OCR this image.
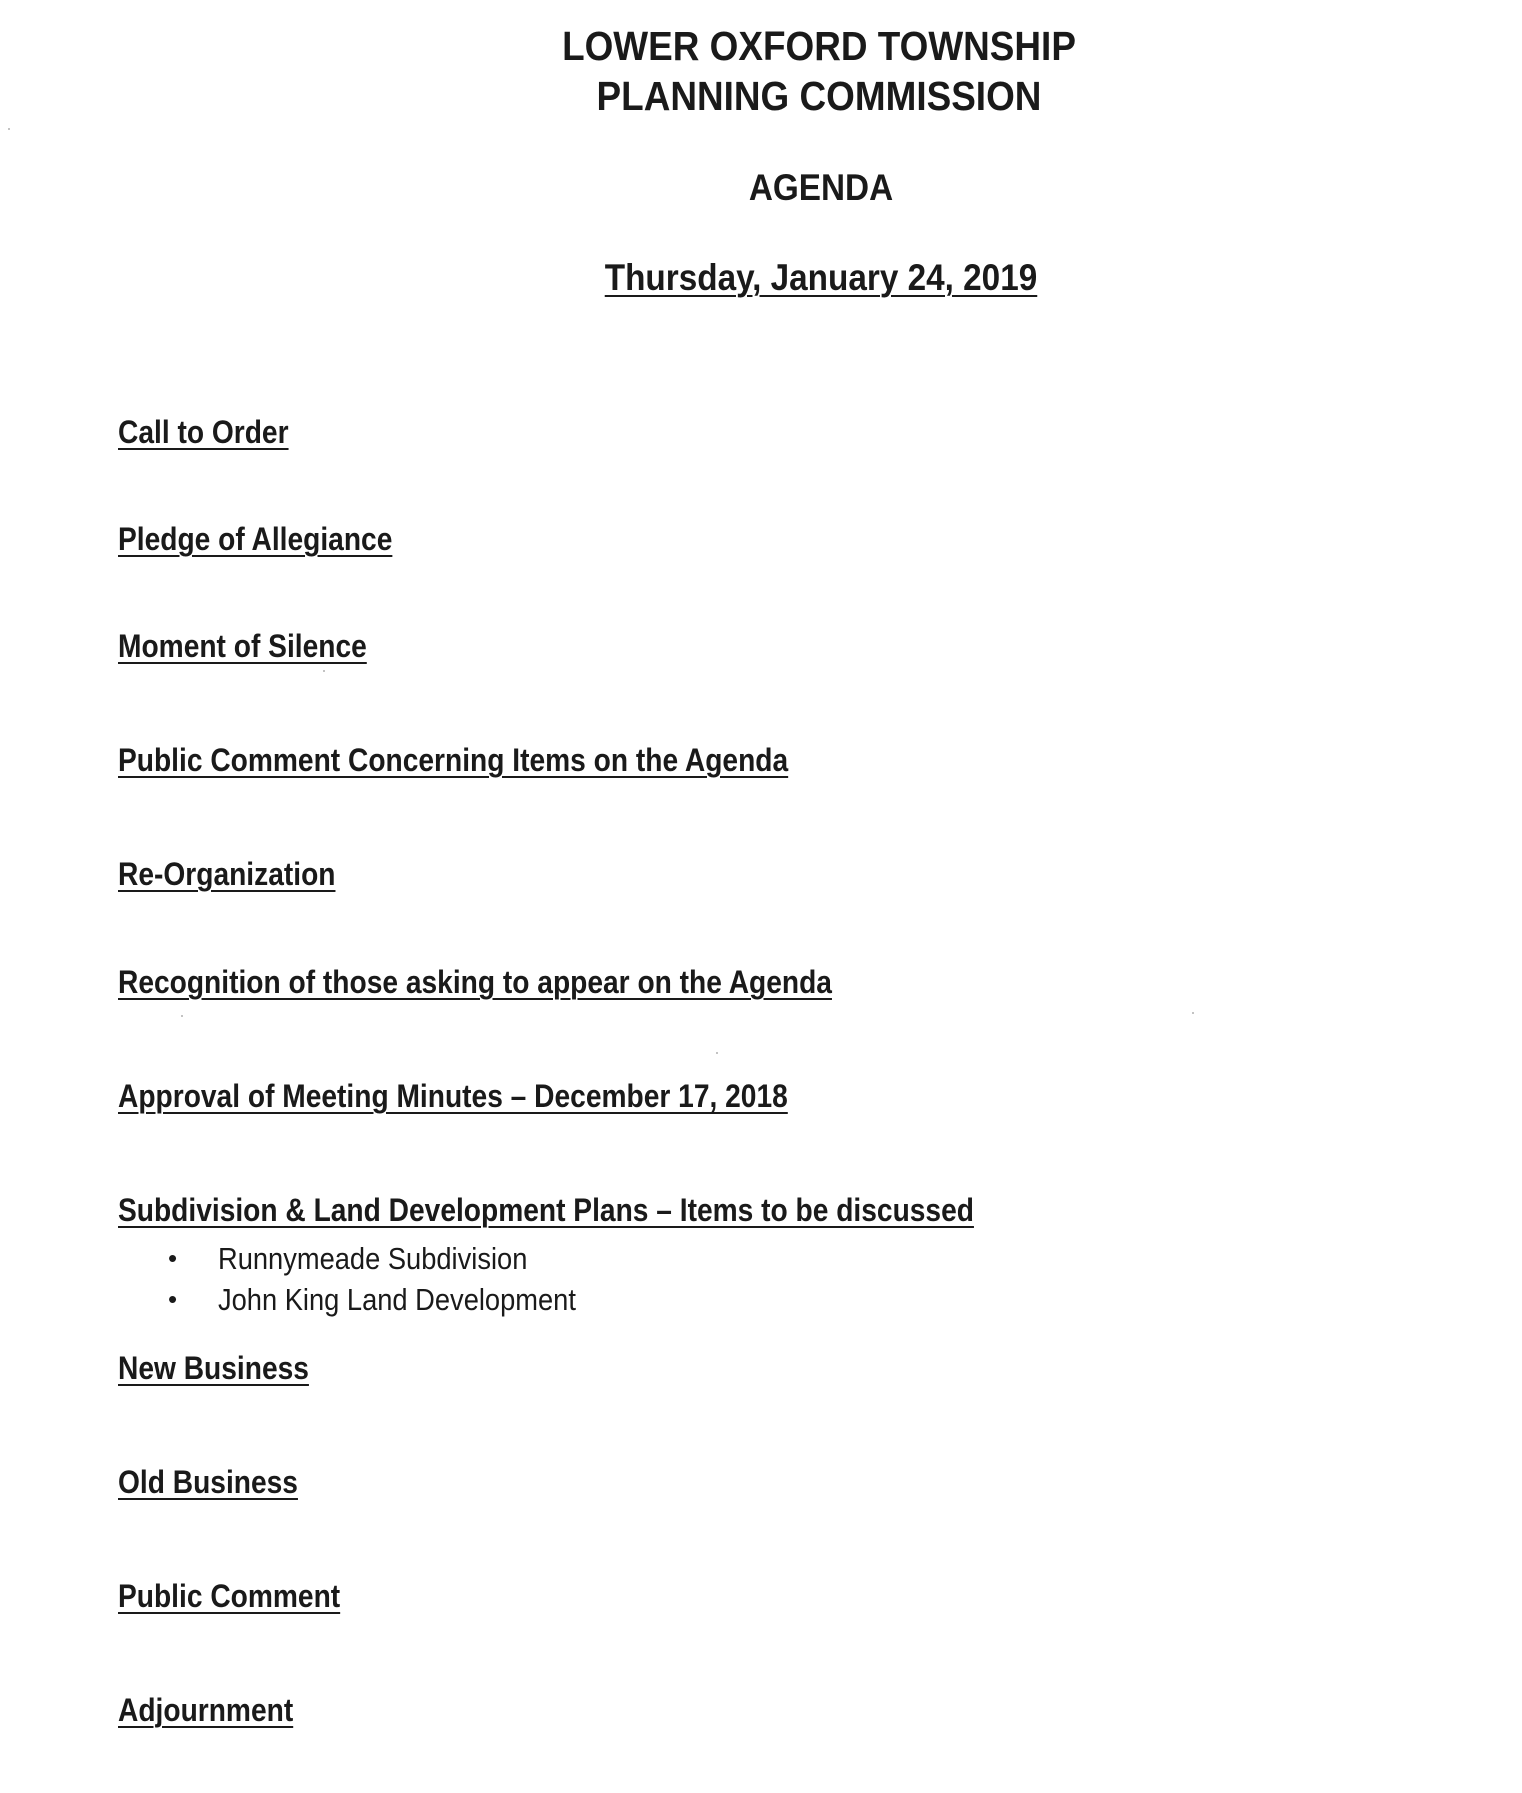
LOWER OXFORD TOWNSHIP
PLANNING COMMISSION
AGENDA
Thursday, January 24, 2019
Call to Order
Pledge of Allegiance
Moment of Silence
Public Comment Concerning Items on the Agenda
Re-Organization
Recognition of those asking to appear on the Agenda
Approval of Meeting Minutes – December 17, 2018
Subdivision & Land Development Plans – Items to be discussed
• Runnymeade Subdivision
• John King Land Development
New Business
Old Business
Public Comment
Adjournment
